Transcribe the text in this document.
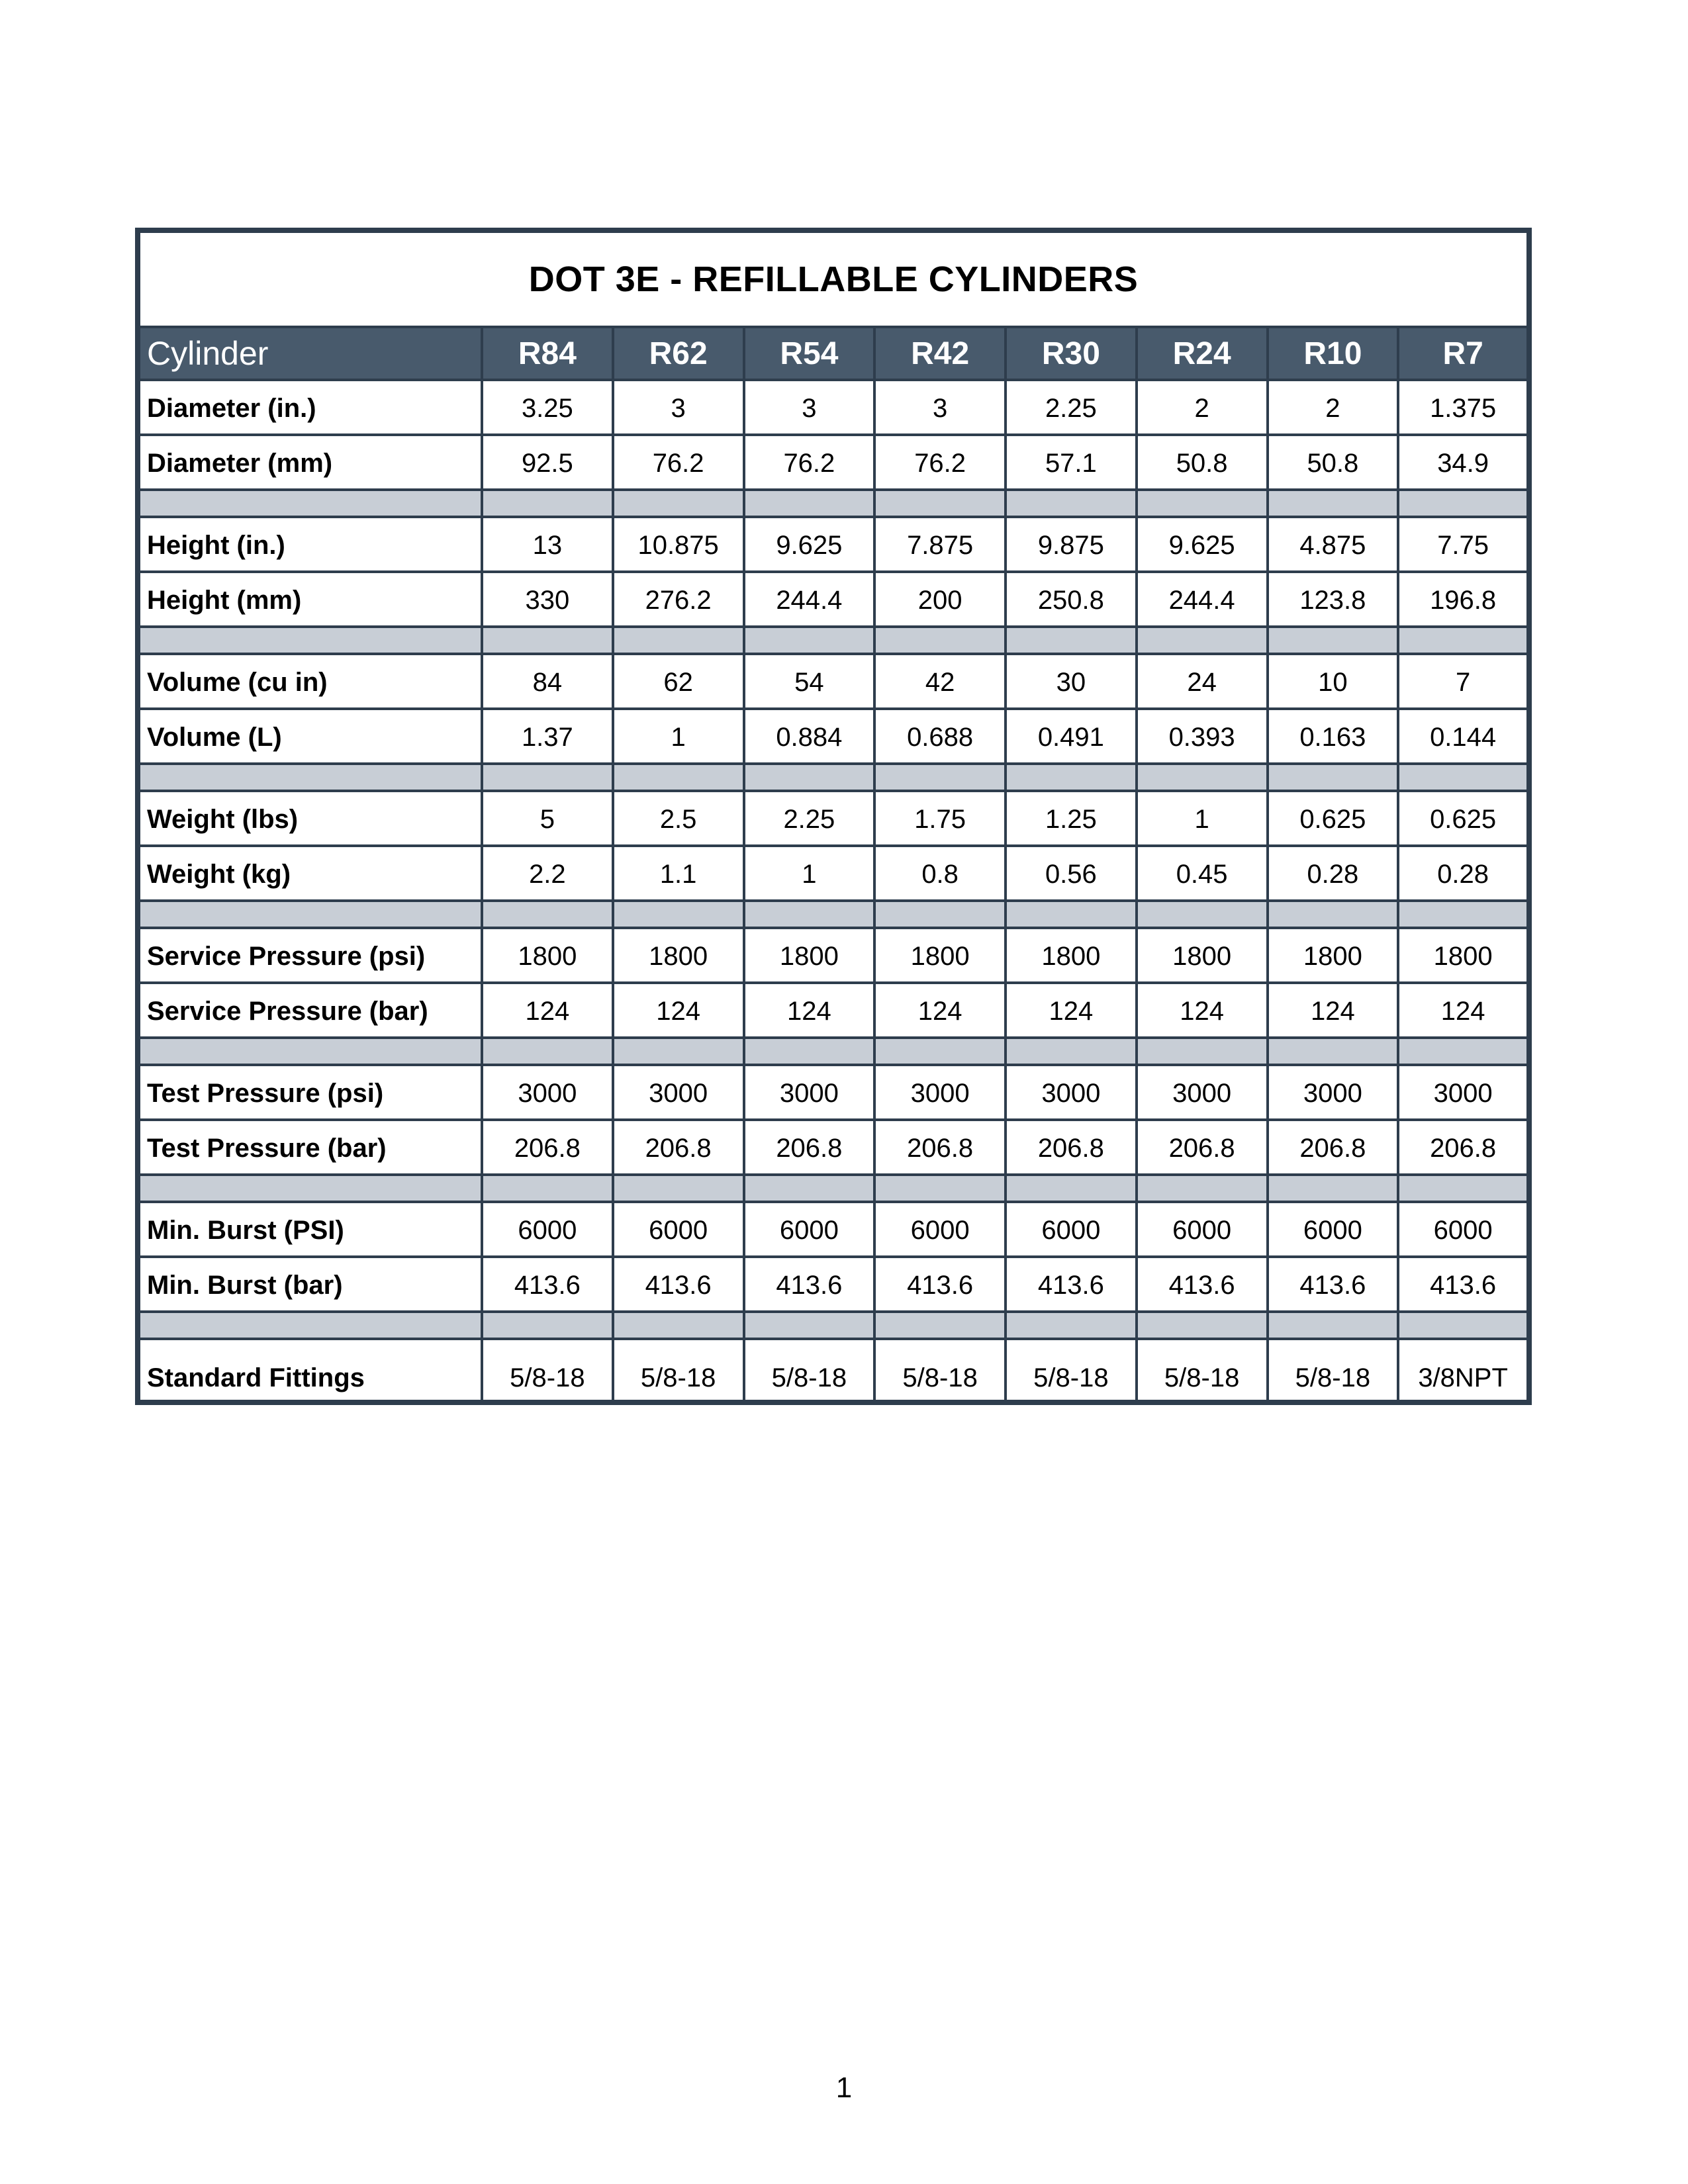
DOT 3E - REFILLABLE CYLINDERS								
Cylinder	R84	R62	R54	R42	R30	R24	R10	R7
Diameter (in.)	3.25	3	3	3	2.25	2	2	1.375
Diameter (mm)	92.5	76.2	76.2	76.2	57.1	50.8	50.8	34.9

Height (in.)	13	10.875	9.625	7.875	9.875	9.625	4.875	7.75
Height (mm)	330	276.2	244.4	200	250.8	244.4	123.8	196.8

Volume (cu in)	84	62	54	42	30	24	10	7
Volume (L)	1.37	1	0.884	0.688	0.491	0.393	0.163	0.144

Weight (lbs)	5	2.5	2.25	1.75	1.25	1	0.625	0.625
Weight (kg)	2.2	1.1	1	0.8	0.56	0.45	0.28	0.28

Service Pressure (psi)	1800	1800	1800	1800	1800	1800	1800	1800
Service Pressure (bar)	124	124	124	124	124	124	124	124

Test Pressure (psi)	3000	3000	3000	3000	3000	3000	3000	3000
Test Pressure (bar)	206.8	206.8	206.8	206.8	206.8	206.8	206.8	206.8

Min. Burst (PSI)	6000	6000	6000	6000	6000	6000	6000	6000
Min. Burst (bar)	413.6	413.6	413.6	413.6	413.6	413.6	413.6	413.6

Standard Fittings	5/8-18	5/8-18	5/8-18	5/8-18	5/8-18	5/8-18	5/8-18	3/8NPT
1
